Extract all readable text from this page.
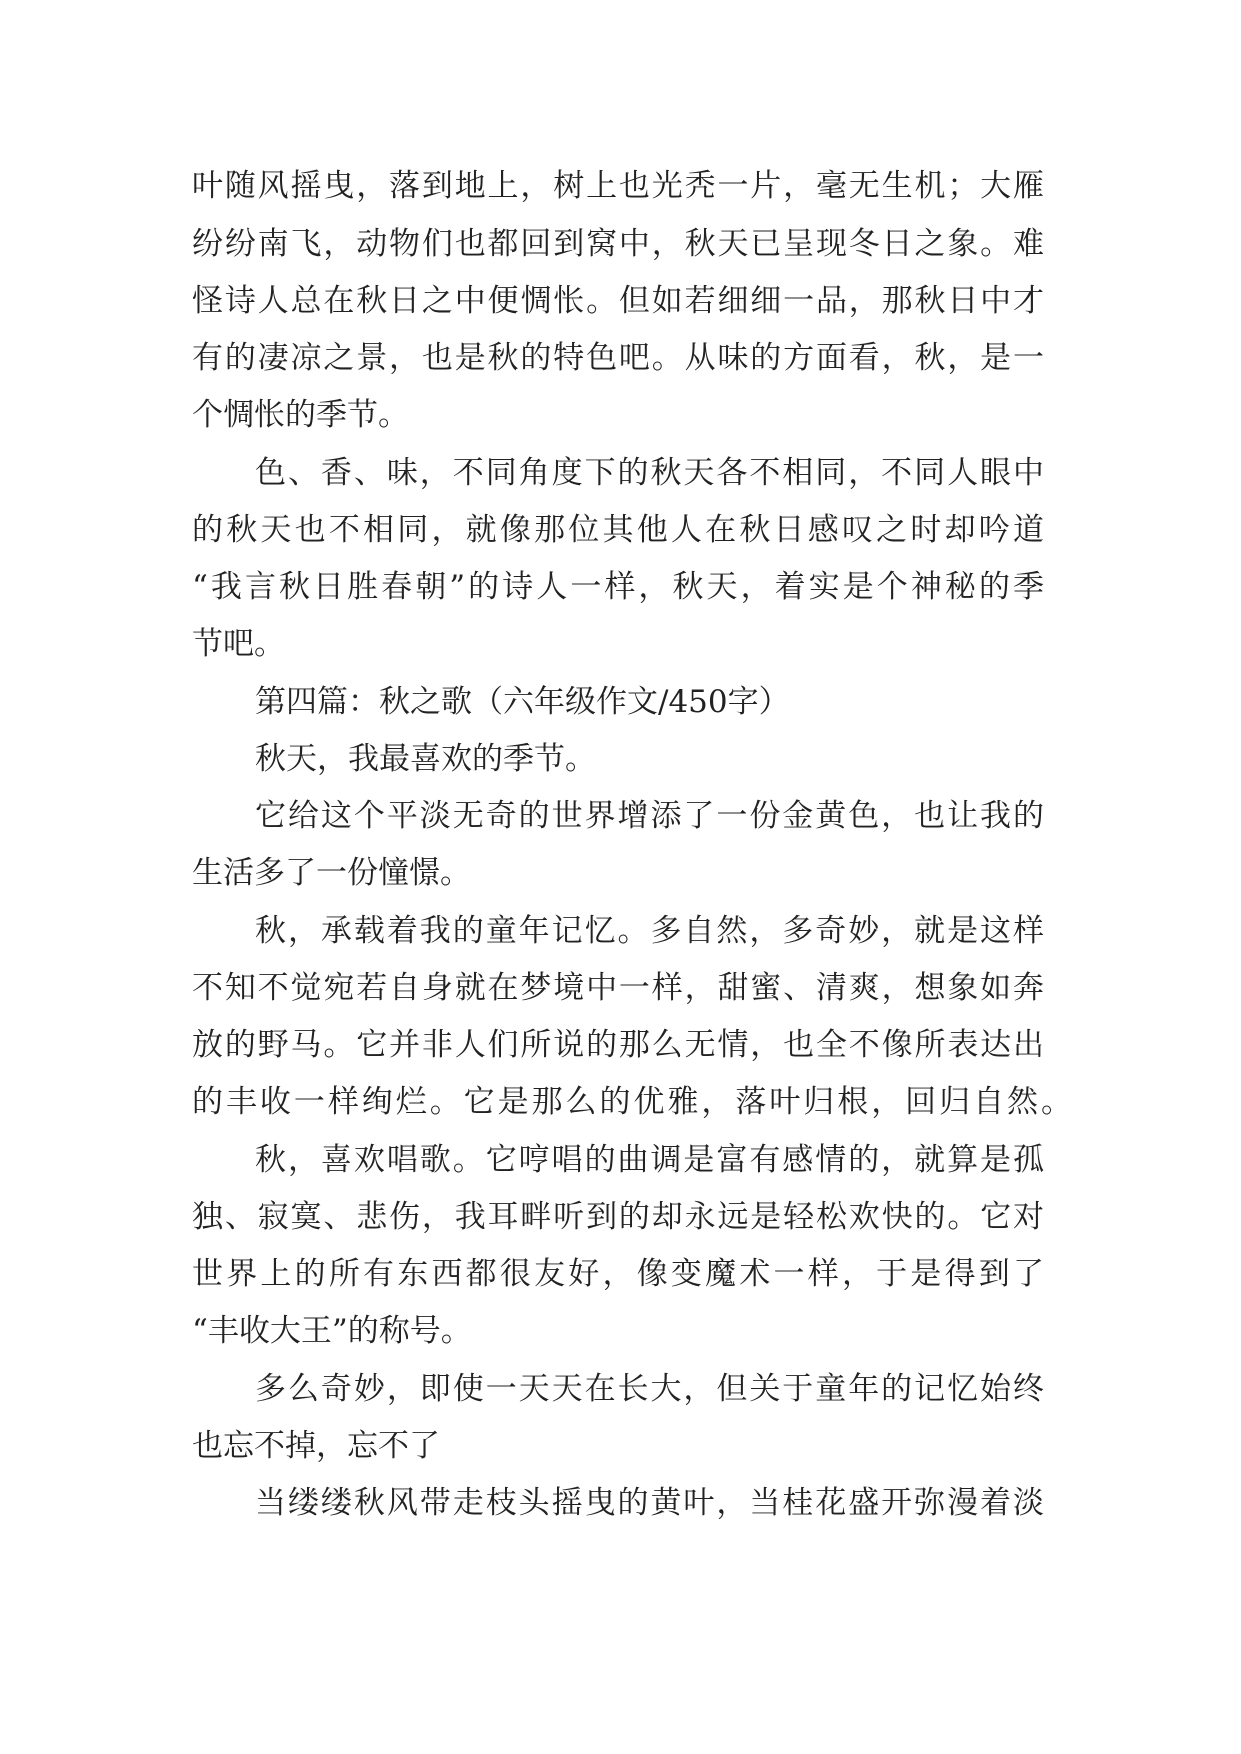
叶随风摇曳，落到地上，树上也光秃一片，毫无生机；大雁
纷纷南飞，动物们也都回到窝中，秋天已呈现冬日之象。难
怪诗人总在秋日之中便惆怅。但如若细细一品，那秋日中才
有的凄凉之景，也是秋的特色吧。从味的方面看，秋，是一
个惆怅的季节。
色、香、味，不同角度下的秋天各不相同，不同人眼中
的秋天也不相同，就像那位其他人在秋日感叹之时却吟道
“我言秋日胜春朝”的诗人一样，秋天，着实是个神秘的季
节吧。
第四篇：秋之歌（六年级作文/450字）
秋天，我最喜欢的季节。
它给这个平淡无奇的世界增添了一份金黄色，也让我的
生活多了一份憧憬。
秋，承载着我的童年记忆。多自然，多奇妙，就是这样
不知不觉宛若自身就在梦境中一样，甜蜜、清爽，想象如奔
放的野马。它并非人们所说的那么无情，也全不像所表达出
的丰收一样绚烂。它是那么的优雅，落叶归根，回归自然。
秋，喜欢唱歌。它哼唱的曲调是富有感情的，就算是孤
独、寂寞、悲伤，我耳畔听到的却永远是轻松欢快的。它对
世界上的所有东西都很友好，像变魔术一样，于是得到了
“丰收大王”的称号。
多么奇妙，即使一天天在长大，但关于童年的记忆始终
也忘不掉，忘不了
当缕缕秋风带走枝头摇曳的黄叶，当桂花盛开弥漫着淡
